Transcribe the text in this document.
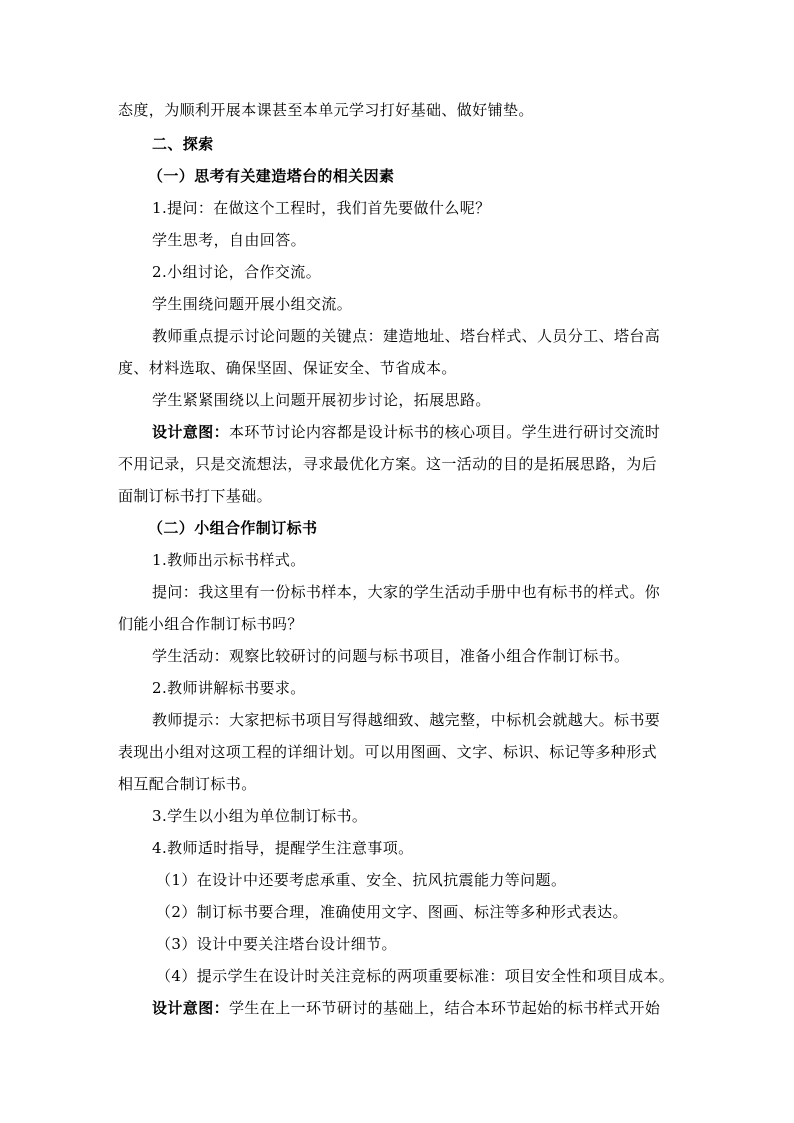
态度，为顺利开展本课甚至本单元学习打好基础、做好铺垫。
二、探索
（一）思考有关建造塔台的相关因素
1.提问：在做这个工程时，我们首先要做什么呢？
学生思考，自由回答。
2.小组讨论，合作交流。
学生围绕问题开展小组交流。
教师重点提示讨论问题的关键点：建造地址、塔台样式、人员分工、塔台高
度、材料选取、确保坚固、保证安全、节省成本。
学生紧紧围绕以上问题开展初步讨论，拓展思路。
设计意图：本环节讨论内容都是设计标书的核心项目。学生进行研讨交流时
不用记录，只是交流想法，寻求最优化方案。这一活动的目的是拓展思路，为后
面制订标书打下基础。
（二）小组合作制订标书
1.教师出示标书样式。
提问：我这里有一份标书样本，大家的学生活动手册中也有标书的样式。你
们能小组合作制订标书吗？
学生活动：观察比较研讨的问题与标书项目，准备小组合作制订标书。
2.教师讲解标书要求。
教师提示：大家把标书项目写得越细致、越完整，中标机会就越大。标书要
表现出小组对这项工程的详细计划。可以用图画、文字、标识、标记等多种形式
相互配合制订标书。
3.学生以小组为单位制订标书。
4.教师适时指导，提醒学生注意事项。
（1）在设计中还要考虑承重、安全、抗风抗震能力等问题。
（2）制订标书要合理，准确使用文字、图画、标注等多种形式表达。
（3）设计中要关注塔台设计细节。
（4）提示学生在设计时关注竞标的两项重要标准：项目安全性和项目成本。
设计意图：学生在上一环节研讨的基础上，结合本环节起始的标书样式开始
